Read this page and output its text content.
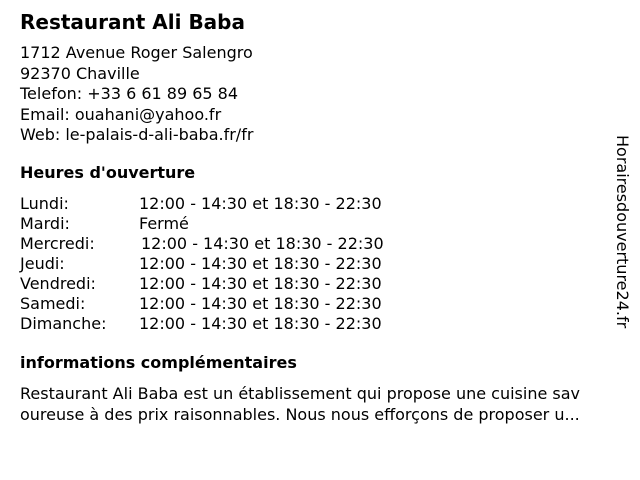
Restaurant Ali Baba
1712 Avenue Roger Salengro
92370 Chaville
Telefon: +33 6 61 89 65 84
Email: ouahani@yahoo.fr
Web: le-palais-d-ali-baba.fr/fr
Heures d'ouverture
Lundi:	12:00 - 14:30 et 18:30 - 22:30
Mardi:	Fermé
Mercredi:	12:00 - 14:30 et 18:30 - 22:30
Jeudi:	12:00 - 14:30 et 18:30 - 22:30
Vendredi:	12:00 - 14:30 et 18:30 - 22:30
Samedi:	12:00 - 14:30 et 18:30 - 22:30
Dimanche: 12:00 - 14:30 et 18:30 - 22:30
informations complémentaires
Restaurant Ali Baba est un établissement qui propose une cuisine sav
oureuse à des prix raisonnables. Nous nous efforçons de proposer u...
Horairesdouverture24.fr
